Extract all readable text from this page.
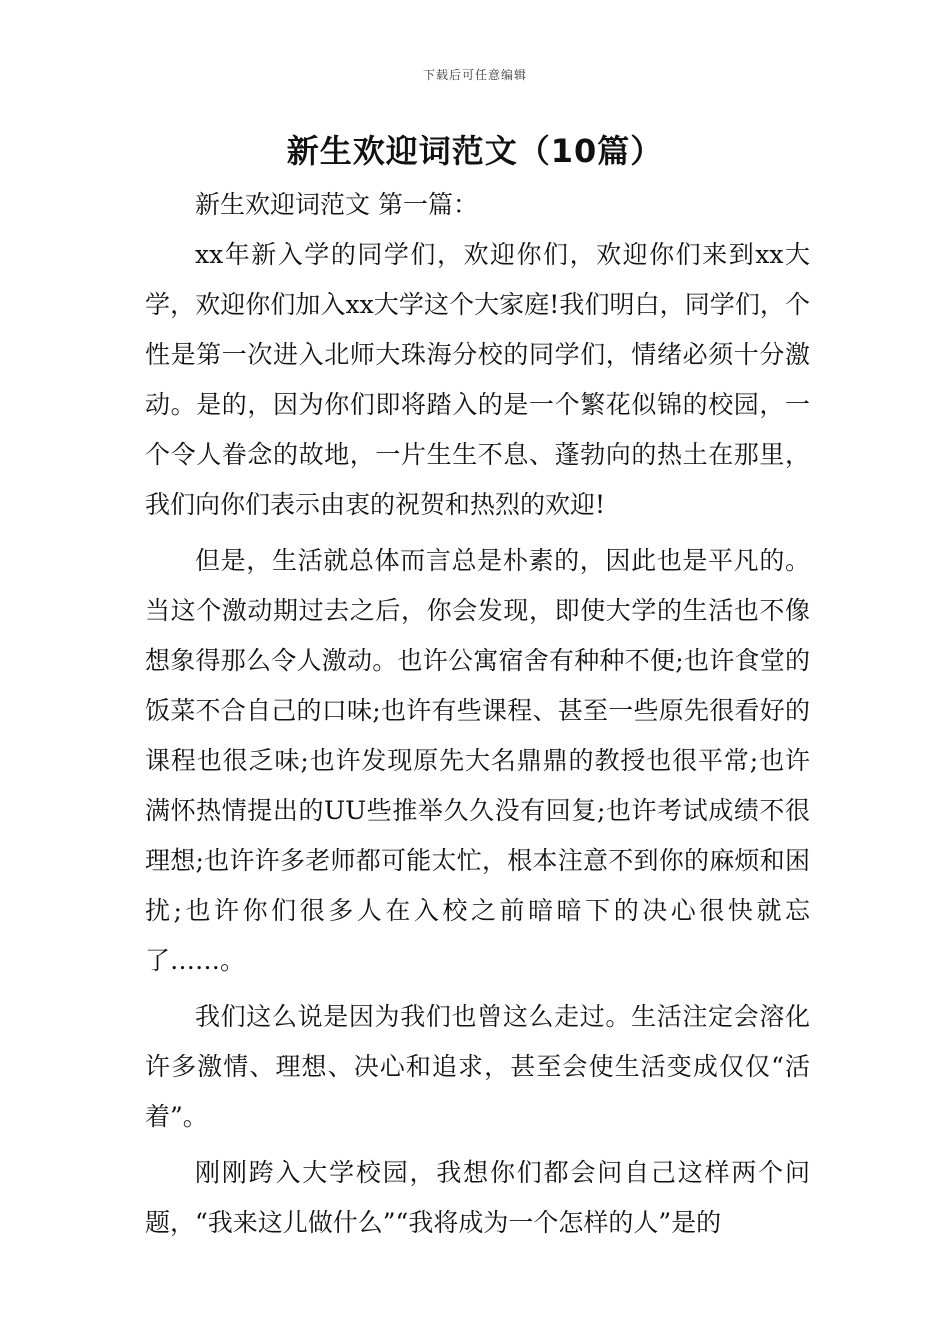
下载后可任意编辑
新生欢迎词范文（10篇）

新生欢迎词范文 第一篇：

xx年新入学的同学们，欢迎你们，欢迎你们来到xx大学，欢迎你们加入xx大学这个大家庭!我们明白，同学们，个性是第一次进入北师大珠海分校的同学们，情绪必须十分激动。是的，因为你们即将踏入的是一个繁花似锦的校园，一个令人眷念的故地，一片生生不息、蓬勃向的热土在那里，我们向你们表示由衷的祝贺和热烈的欢迎!

但是，生活就总体而言总是朴素的，因此也是平凡的。当这个激动期过去之后，你会发现，即使大学的生活也不像想象得那么令人激动。也许公寓宿舍有种种不便;也许食堂的饭菜不合自己的口味;也许有些课程、甚至一些原先很看好的课程也很乏味;也许发现原先大名鼎鼎的教授也很平常;也许满怀热情提出的UU些推举久久没有回复;也许考试成绩不很理想;也许许多老师都可能太忙，根本注意不到你的麻烦和困扰;也许你们很多人在入校之前暗暗下的决心很快就忘了……。

我们这么说是因为我们也曾这么走过。生活注定会溶化许多激情、理想、决心和追求，甚至会使生活变成仅仅“活着”。

刚刚跨入大学校园，我想你们都会问自己这样两个问题，“我来这儿做什么”“我将成为一个怎样的人”是的
